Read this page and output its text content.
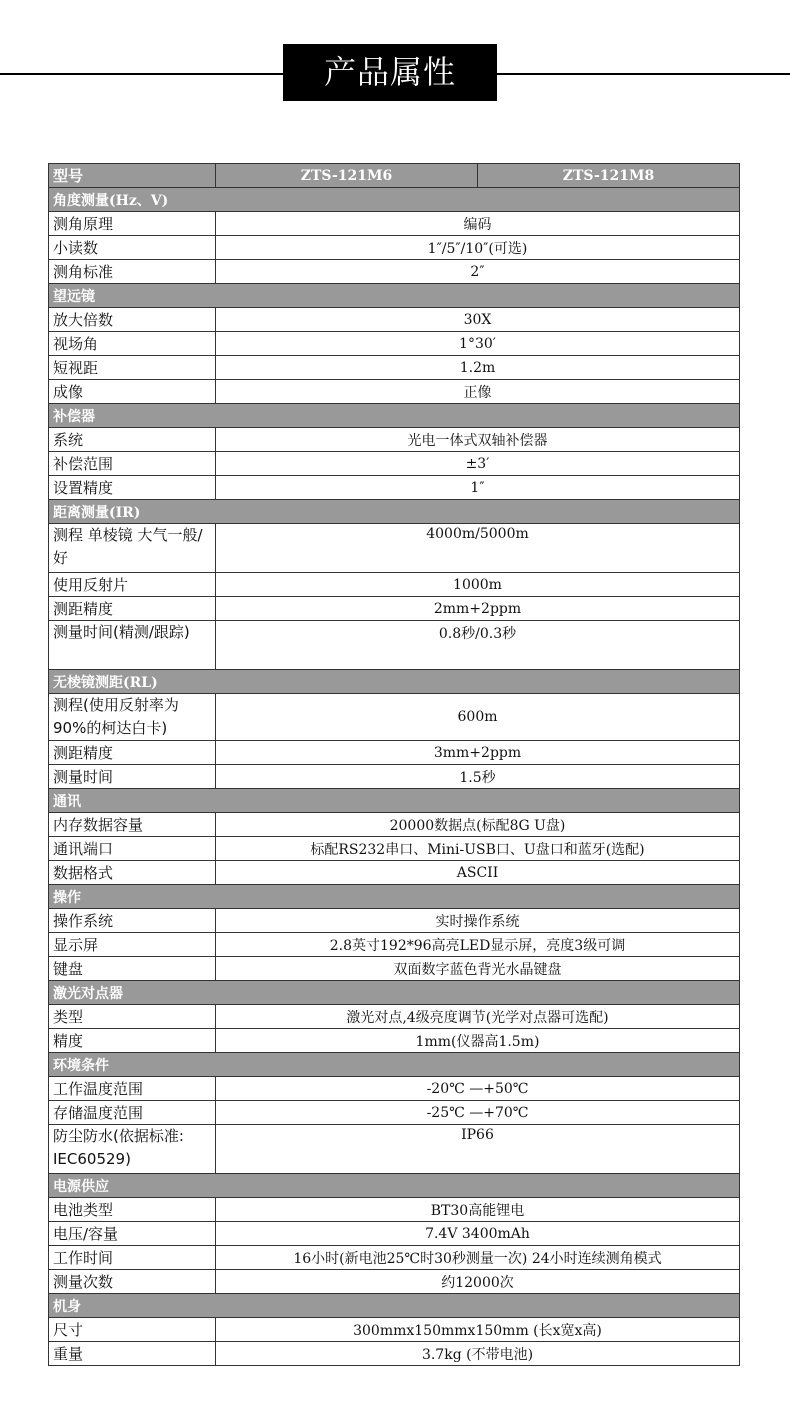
产品属性
型号	ZTS-121M6	ZTS-121M8
角度测量(Hz、V)		
测角原理	编码	
小读数	1″/5″/10″(可选)	
测角标准	2″	
望远镜		
放大倍数	30X	
视场角	1°30′	
短视距	1.2m	
成像	正像	
补偿器		
系统	光电一体式双轴补偿器	
补偿范围	±3′	
设置精度	1″	
距离测量(IR)		
测程 单棱镜 大气一般/好	4000m/5000m	
使用反射片	1000m	
测距精度	2mm+2ppm	
测量时间(精测/跟踪)	0.8秒/0.3秒	
无棱镜测距(RL)		
测程(使用反射率为90%的柯达白卡)	600m	
测距精度	3mm+2ppm	
测量时间	1.5秒	
通讯		
内存数据容量	20000数据点(标配8G U盘)	
通讯端口	标配RS232串口、Mini-USB口、U盘口和蓝牙(选配)	
数据格式	ASCII	
操作		
操作系统	实时操作系统	
显示屏	2.8英寸192*96高亮LED显示屏，亮度3级可调	
键盘	双面数字蓝色背光水晶键盘	
激光对点器		
类型	激光对点,4级亮度调节(光学对点器可选配)	
精度	1mm(仪器高1.5m)	
环境条件		
工作温度范围	-20℃ —+50℃	
存储温度范围	-25℃ —+70℃	
防尘防水(依据标准: IEC60529)	IP66	
电源供应		
电池类型	BT30高能锂电	
电压/容量	7.4V 3400mAh	
工作时间	16小时(新电池25℃时30秒测量一次) 24小时连续测角模式	
测量次数	约12000次	
机身		
尺寸	300mmx150mmx150mm (长x宽x高)	
重量	3.7kg (不带电池)	
